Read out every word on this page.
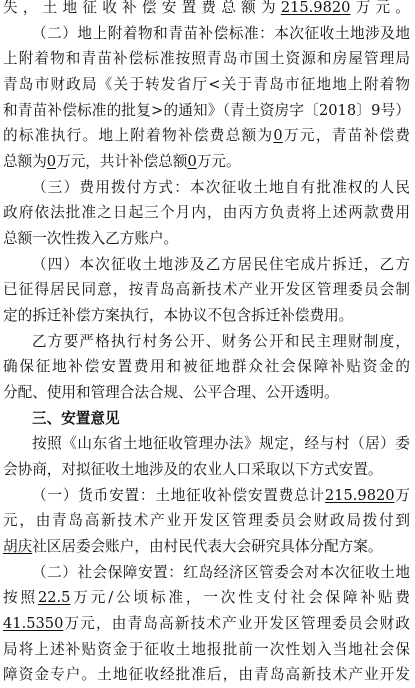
失，土地征收补偿安置费总额为215.9820万元。
（二）地上附着物和青苗补偿标准：本次征收土地涉及地
上附着物和青苗补偿标准按照青岛市国土资源和房屋管理局
青岛市财政局《关于转发省厅<关于青岛市征地地上附着物
和青苗补偿标准的批复>的通知》（青土资房字〔2018〕9号）
的标准执行。地上附着物补偿费总额为0万元，青苗补偿费
总额为0万元，共计补偿总额0万元。
（三）费用拨付方式：本次征收土地自有批准权的人民
政府依法批准之日起三个月内，由丙方负责将上述两款费用
总额一次性拨入乙方账户。
（四）本次征收土地涉及乙方居民住宅成片拆迁，乙方
已征得居民同意，按青岛高新技术产业开发区管理委员会制
定的拆迁补偿方案执行，本协议不包含拆迁补偿费用。
乙方要严格执行村务公开、财务公开和民主理财制度，
确保征地补偿安置费用和被征地群众社会保障补贴资金的
分配、使用和管理合法合规、公平合理、公开透明。
三、安置意见
按照《山东省土地征收管理办法》规定，经与村（居）委
会协商，对拟征收土地涉及的农业人口采取以下方式安置。
（一）货币安置：土地征收补偿安置费总计215.9820万
元，由青岛高新技术产业开发区管理委员会财政局拨付到
胡庆社区居委会账户，由村民代表大会研究具体分配方案。
（二）社会保障安置：红岛经济区管委会对本次征收土地
按照22.5万元/公顷标准，一次性支付社会保障补贴费
41.5350万元，由青岛高新技术产业开发区管理委员会财政
局将上述补贴资金于征收土地报批前一次性划入当地社会保
障资金专户。土地征收经批准后，由青岛高新技术产业开发
